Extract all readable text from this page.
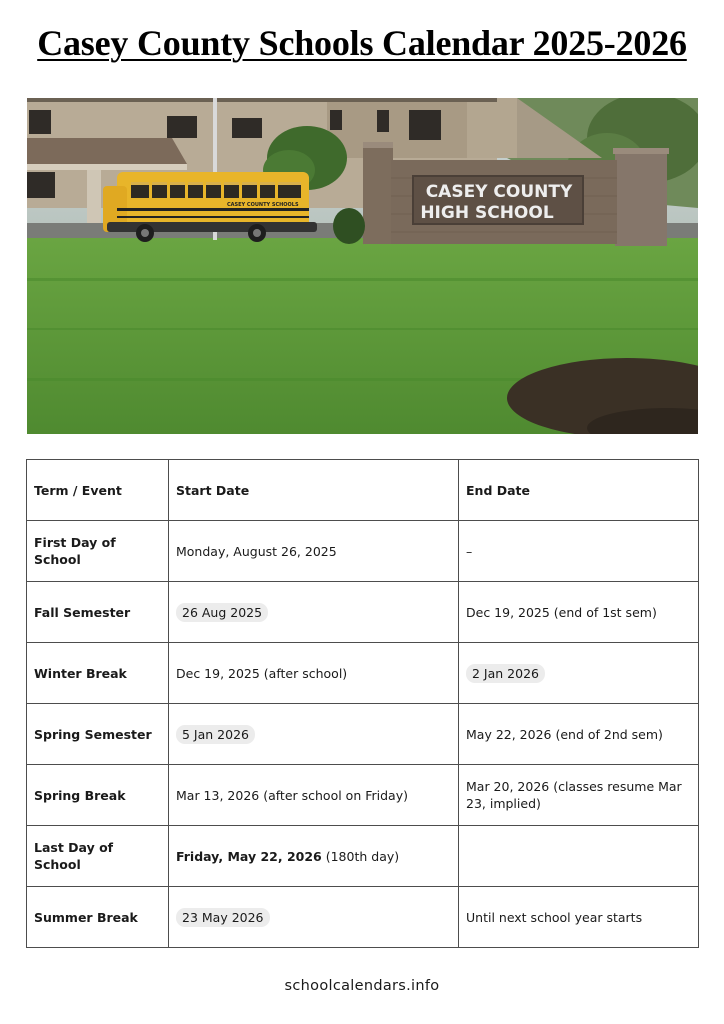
Casey County Schools Calendar 2025-2026
CASEY COUNTY SCHOOLS
CASEY COUNTY
HIGH SCHOOL
Term / Event	Start Date	End Date
First Day of School	Monday, August 26, 2025	–
Fall Semester	26 Aug 2025	Dec 19, 2025 (end of 1st sem)
Winter Break	Dec 19, 2025 (after school)	2 Jan 2026
Spring Semester	5 Jan 2026	May 22, 2026 (end of 2nd sem)
Spring Break	Mar 13, 2026 (after school on Friday)	Mar 20, 2026 (classes resume Mar 23, implied)
Last Day of School	Friday, May 22, 2026 (180th day)	
Summer Break	23 May 2026	Until next school year starts
schoolcalendars.info
